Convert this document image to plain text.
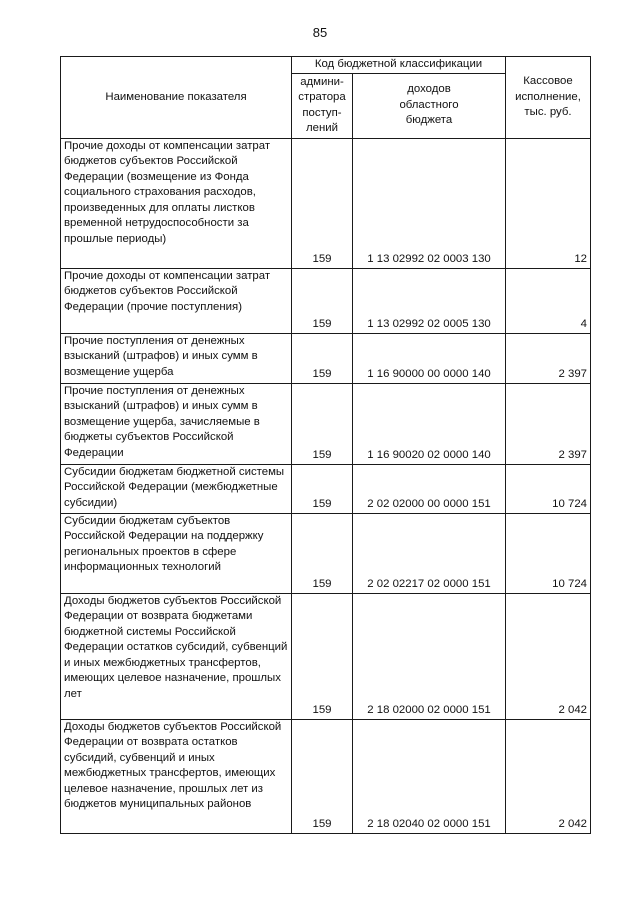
85
Наименование показателя	Код бюджетной классификации		Кассовое
исполнение,
тыс. руб.
	админи-
стратора
поступ-
лений	доходов
областного
бюджета	

Прочие доходы от компенсации затрат бюджетов субъектов Российской Федерации (возмещение из Фонда социального страхования расходов, произведенных для оплаты листков временной нетрудоспособности за прошлые периоды)	159	1 13 02992 02 0003 130	12

Прочие доходы от компенсации затрат бюджетов субъектов Российской Федерации (прочие поступления)	159	1 13 02992 02 0005 130	4

Прочие поступления от денежных взысканий (штрафов) и иных сумм в возмещение ущерба	159	1 16 90000 00 0000 140	2 397

Прочие поступления от денежных взысканий (штрафов) и иных сумм в возмещение ущерба, зачисляемые в бюджеты субъектов Российской Федерации	159	1 16 90020 02 0000 140	2 397

Субсидии бюджетам бюджетной системы Российской Федерации (межбюджетные субсидии)	159	2 02 02000 00 0000 151	10 724

Субсидии бюджетам субъектов Российской Федерации на поддержку региональных проектов в сфере информационных технологий	159	2 02 02217 02 0000 151	10 724

Доходы бюджетов субъектов Российской Федерации от возврата бюджетами бюджетной системы Российской Федерации остатков субсидий, субвенций и иных межбюджетных трансфертов, имеющих целевое назначение, прошлых лет	159	2 18 02000 02 0000 151	2 042

Доходы бюджетов субъектов Российской Федерации от возврата остатков субсидий, субвенций и иных межбюджетных трансфертов, имеющих целевое назначение, прошлых лет из бюджетов муниципальных районов	159	2 18 02040 02 0000 151	2 042
